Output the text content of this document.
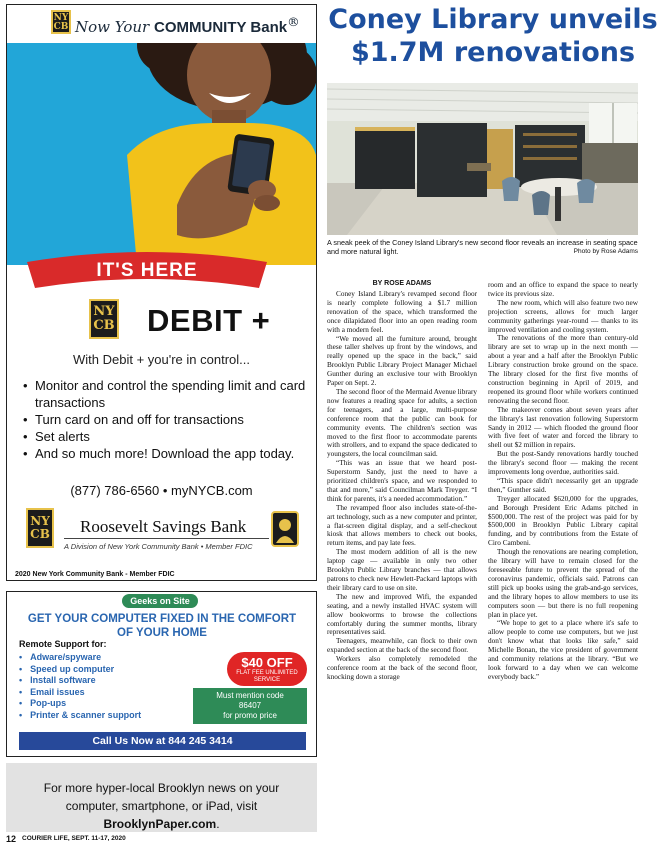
NY CB Now Your COMMUNITY Bank®
IT'S HERE
NY CB DEBIT +
With Debit + you're in control...
• Monitor and control the spending limit and card transactions
• Turn card on and off for transactions
• Set alerts
• And so much more! Download the app today.
(877) 786-6560 • myNYCB.com
NY CB Roosevelt Savings Bank
A Division of New York Community Bank • Member FDIC
2020 New York Community Bank - Member FDIC
Geeks on Site
GET YOUR COMPUTER FIXED IN THE COMFORT OF YOUR HOME
Remote Support for:
• Adware/spyware
• Speed up computer
• Install software
• Email issues
• Pop-ups
• Printer & scanner support
$40 OFF
FLAT FEE UNLIMITED SERVICE
Must mention code
86407
for promo price
Call Us Now at 844 245 3414
For more hyper-local Brooklyn news on your computer, smartphone, or iPad, visit BrooklynPaper.com.
12 COURIER LIFE, SEPT. 11-17, 2020
Coney Library unveils $1.7M renovations
A sneak peek of the Coney Island Library's new second floor reveals an increase in seating space and more natural light.	Photo by Rose Adams
BY ROSE ADAMS

Coney Island Library's revamped second floor is nearly complete following a $1.7 million renovation of the space, which transformed the once dilapidated floor into an open reading room with a modern feel.

“We moved all the furniture around, brought these taller shelves up front by the windows, and really opened up the space in the back,” said Brooklyn Public Library Project Manager Michael Gunther during an exclusive tour with Brooklyn Paper on Sept. 2.

The second floor of the Mermaid Avenue library now features a reading space for adults, a section for teenagers, and a large, multi-purpose conference room that the public can book for community events. The children's section was moved to the first floor to accommodate parents with strollers, and to expand the space dedicated to youngsters, the local councilman said.

“This was an issue that we heard post-Superstorm Sandy, just the need to have a prioritized children's space, and we responded to that and more,” said Councilman Mark Treyger. “I think for parents, it's a needed accommodation.”

The revamped floor also includes state-of-the-art technology, such as a new computer and printer, a flat-screen digital display, and a self-checkout kiosk that allows members to check out books, return items, and pay late fees.

The most modern addition of all is the new laptop cage — available in only two other Brooklyn Public Library branches — that allows patrons to check new Hewlett-Packard laptops with their library card to use on site.

The new and improved Wifi, the expanded seating, and a newly installed HVAC system will allow bookworms to browse the collections comfortably during the summer months, library representatives said.

Teenagers, meanwhile, can flock to their own expanded section at the back of the second floor.

Workers also completely remodeled the conference room at the back of the second floor, knocking down a storage

room and an office to expand the space to nearly twice its previous size.

The new room, which will also feature two new projection screens, allows for much larger community gatherings year-round — thanks to its improved ventilation and cooling system.

The renovations of the more than century-old library are set to wrap up in the next month — about a year and a half after the Brooklyn Public Library construction broke ground on the space. The library closed for the first five months of construction beginning in April of 2019, and reopened its ground floor while workers continued renovating the second floor.

The makeover comes about seven years after the library's last renovation following Superstorm Sandy in 2012 — which flooded the ground floor with five feet of water and forced the library to shell out $2 million in repairs.

But the post-Sandy renovations hardly touched the library's second floor — making the recent improvements long overdue, authorities said.

“This space didn't necessarily get an upgrade then,” Gunther said.

Treyger allocated $620,000 for the upgrades, and Borough President Eric Adams pitched in $500,000. The rest of the project was paid for by $500,000 in Brooklyn Public Library capital funding, and by contributions from the Estate of Ciro Cambeni.

Though the renovations are nearing completion, the library will have to remain closed for the foreseeable future to prevent the spread of the coronavirus pandemic, officials said. Patrons can still pick up books using the grab-and-go services, and the library hopes to allow members to use its computers soon — but there is no full reopening plan in place yet.

“We hope to get to a place where it's safe to allow people to come use computers, but we just don't know what that looks like safe,” said Michelle Bonan, the vice president of government and community relations at the library. “But we look forward to a day when we can welcome everybody back.”
